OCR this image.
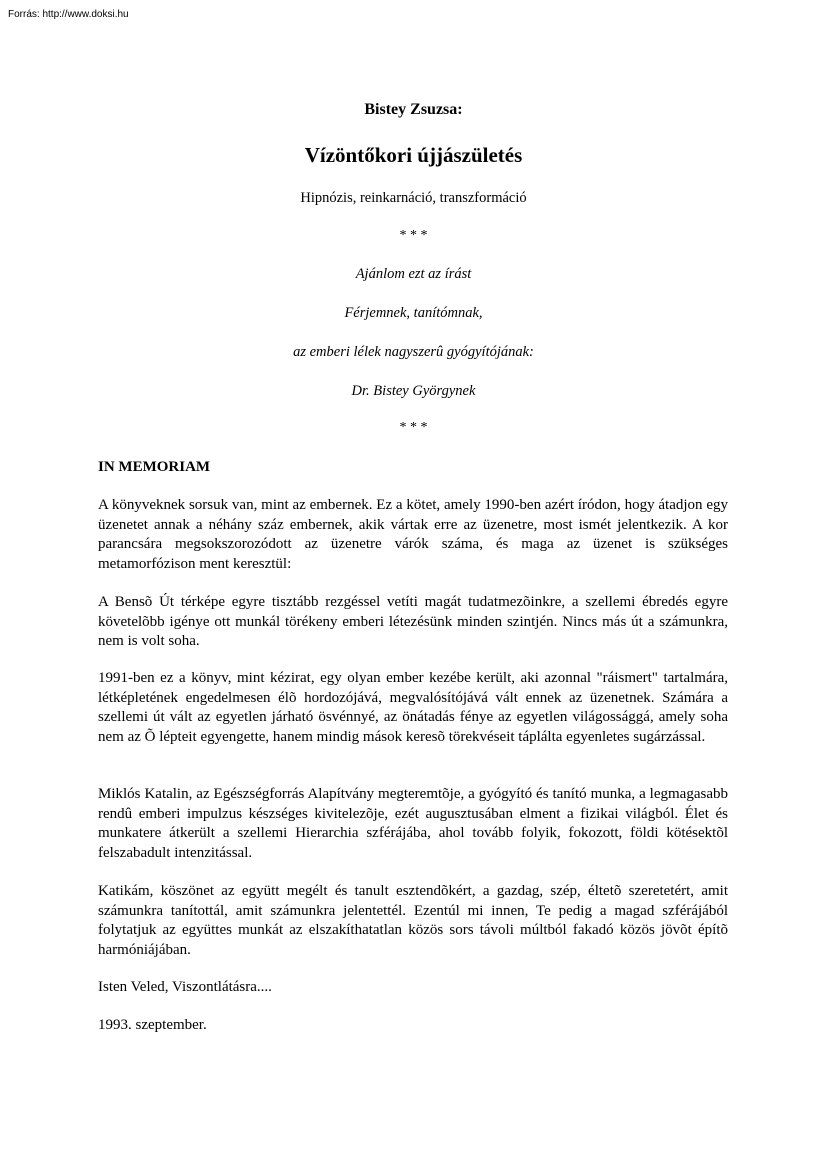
Forrás: http://www.doksi.hu
Bistey Zsuzsa:
Vízöntőkori újjászületés
Hipnózis, reinkarnáció, transzformáció
* * *
Ajánlom ezt az írást
Férjemnek, tanítómnak,
az emberi lélek nagyszerû gyógyítójának:
Dr. Bistey Györgynek
* * *
IN MEMORIAM

A könyveknek sorsuk van, mint az embernek. Ez a kötet, amely 1990-ben azért íródon, hogy átadjon egy üzenetet annak a néhány száz embernek, akik vártak erre az üzenetre, most ismét jelentkezik. A kor parancsára megsokszorozódott az üzenetre várók száma, és maga az üzenet is szükséges metamorfózison ment keresztül:

A Bensõ Út térképe egyre tisztább rezgéssel vetíti magát tudatmezõinkre, a szellemi ébredés egyre követelõbb igénye ott munkál törékeny emberi létezésünk minden szintjén. Nincs más út a számunkra, nem is volt soha.

1991-ben ez a könyv, mint kézirat, egy olyan ember kezébe került, aki azonnal "ráismert" tartalmára, létképletének engedelmesen élõ hordozójává, megvalósítójává vált ennek az üzenetnek. Számára a szellemi út vált az egyetlen járható ösvénnyé, az önátadás fénye az egyetlen világossággá, amely soha nem az Õ lépteit egyengette, hanem mindig mások keresõ törekvéseit táplálta egyenletes sugárzással.

Miklós Katalin, az Egészségforrás Alapítvány megteremtõje, a gyógyító és tanító munka, a legmagasabb rendû emberi impulzus készséges kivitelezõje, ezét augusztusában elment a fizikai világból. Élet és munkatere átkerült a szellemi Hierarchia szférájába, ahol tovább folyik, fokozott, földi kötésektõl felszabadult intenzitással.

Katikám, köszönet az együtt megélt és tanult esztendõkért, a gazdag, szép, éltetõ szeretetért, amit számunkra tanítottál, amit számunkra jelentettél. Ezentúl mi innen, Te pedig a magad szférájából folytatjuk az együttes munkát az elszakíthatatlan közös sors távoli múltból fakadó közös jövõt építõ harmóniájában.

Isten Veled, Viszontlátásra....

1993. szeptember.
